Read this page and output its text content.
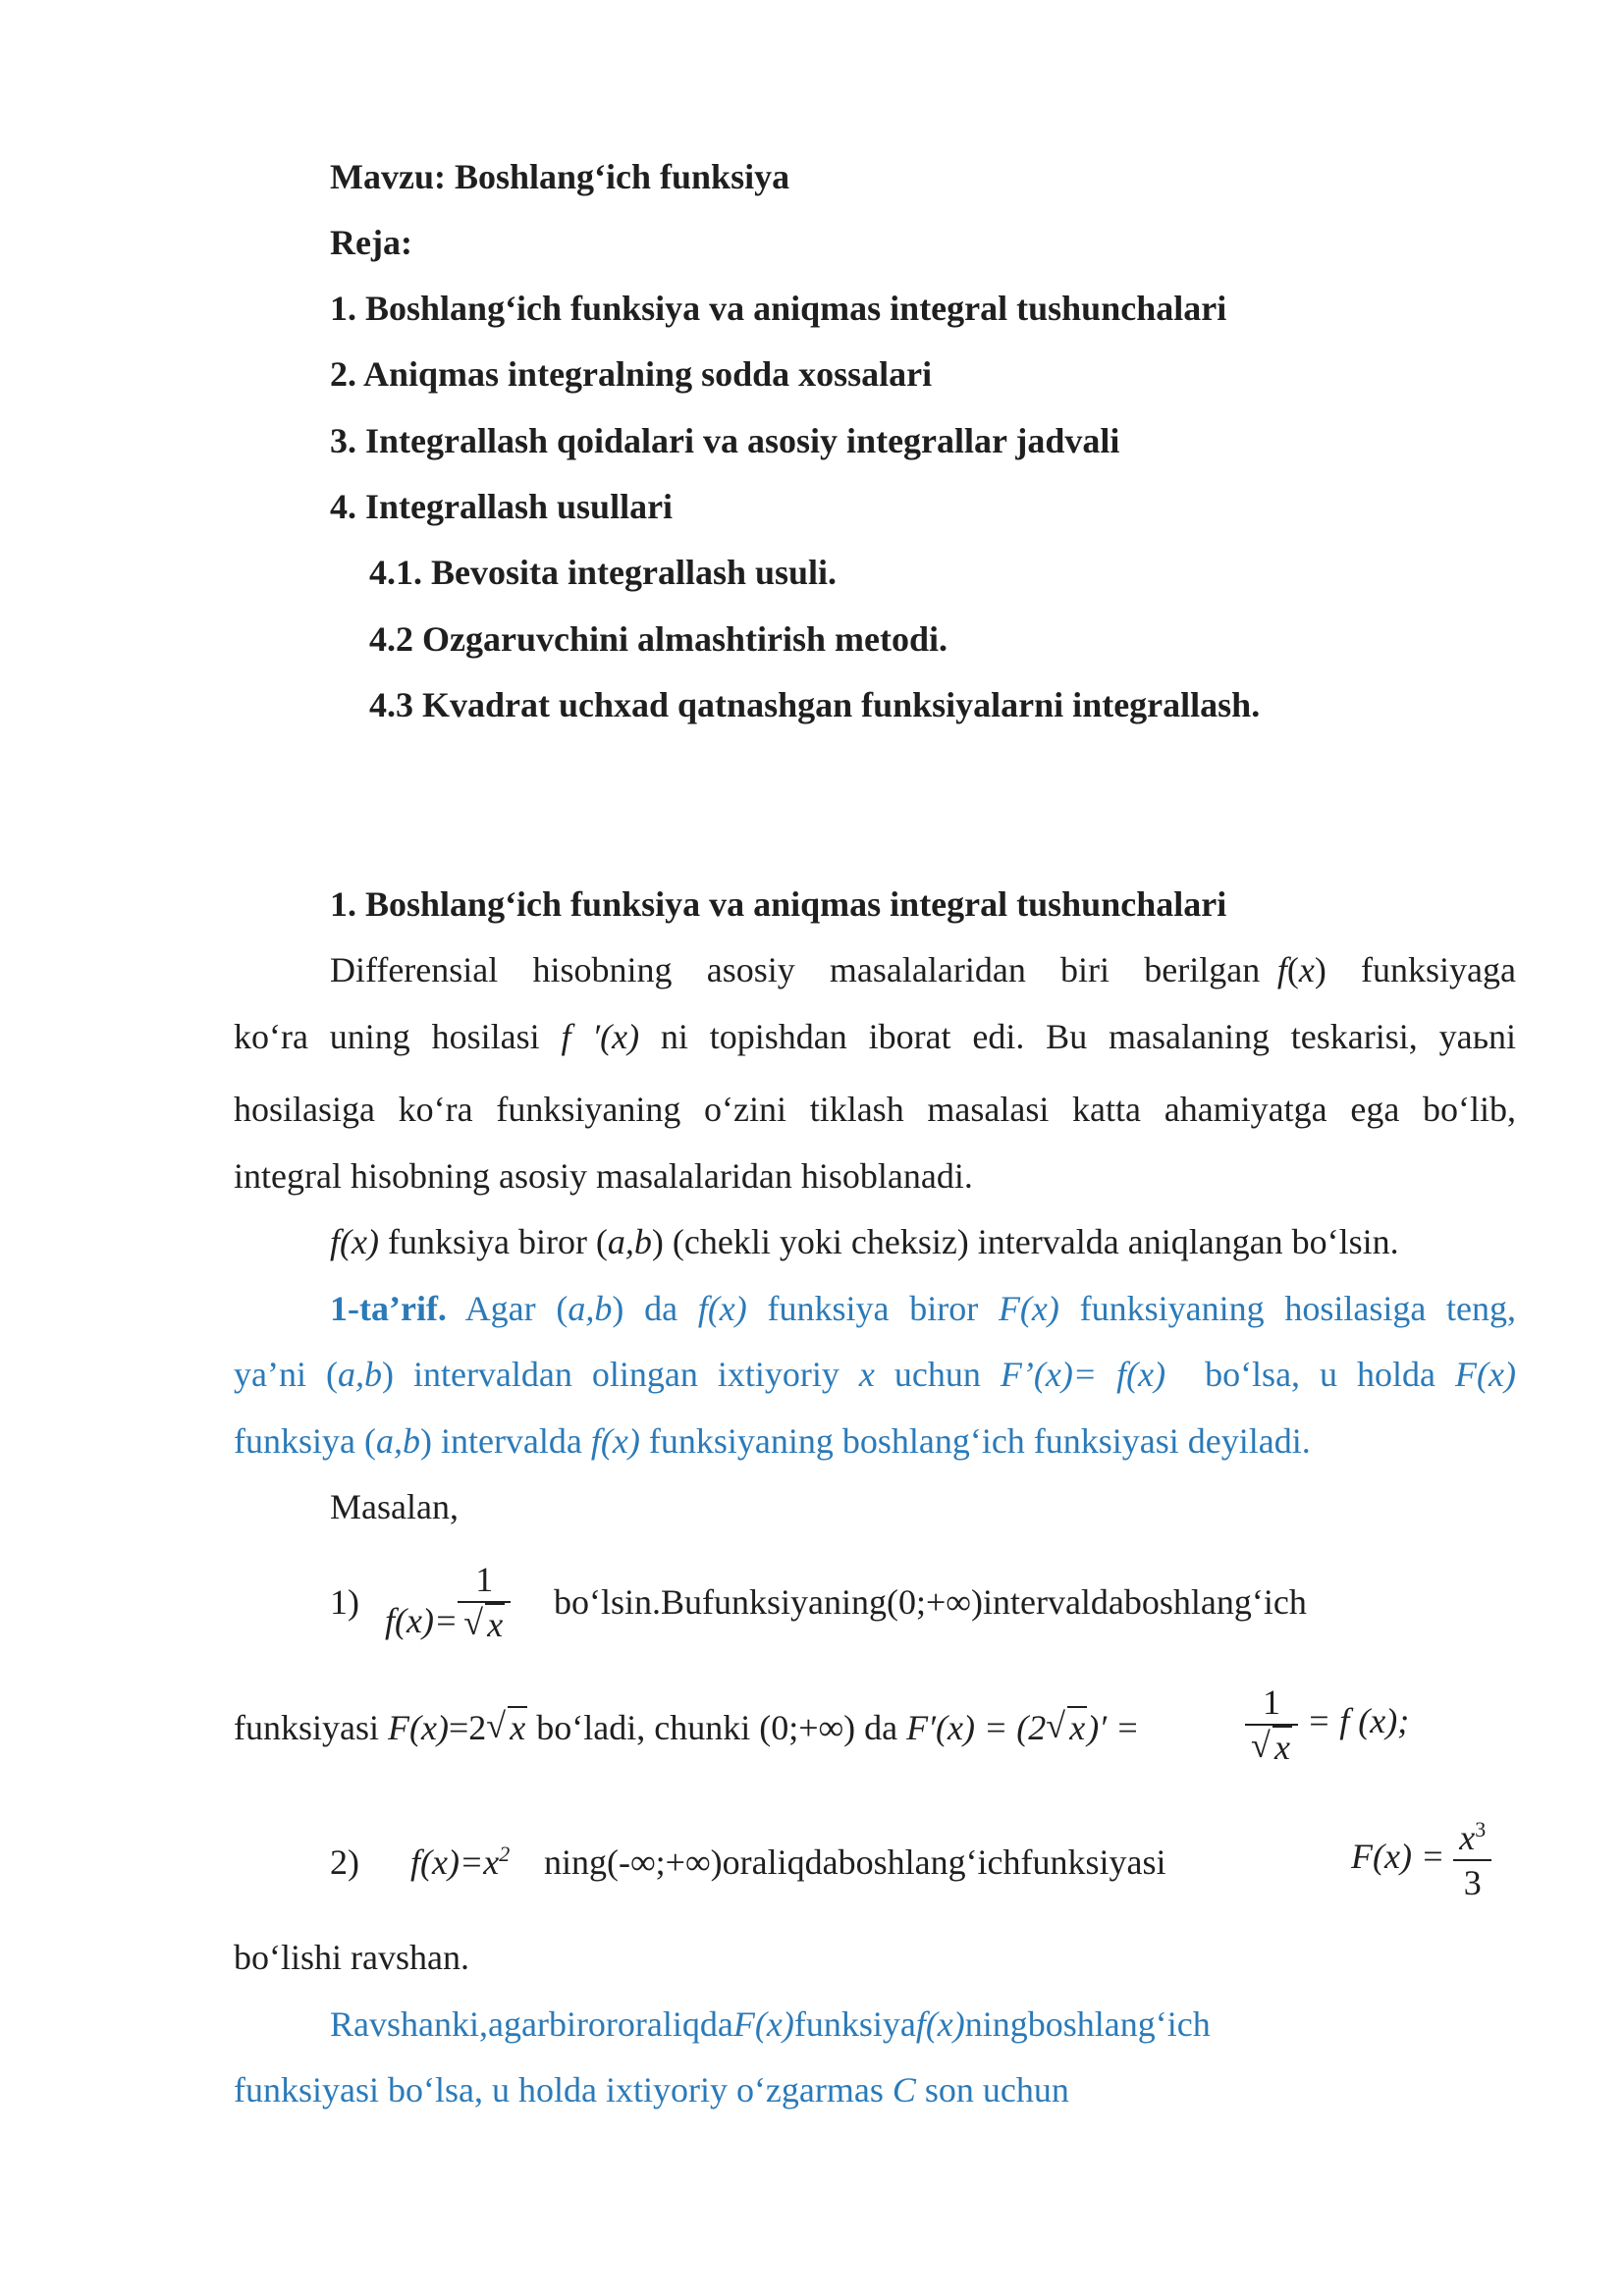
Mavzu: Boshlang‘ich funksiya
Reja:
1. Boshlang‘ich funksiya va aniqmas integral tushunchalari
2. Aniqmas integralning sodda xossalari
3. Integrallash qoidalari va asosiy integrallar jadvali
4. Integrallash usullari
4.1. Bevosita integrallash usuli.
4.2 Ozgaruvchini almashtirish metodi.
4.3 Kvadrat uchxad qatnashgan funksiyalarni integrallash.
1. Boshlang‘ich funksiya va aniqmas integral tushunchalari
Differensial  hisobning  asosiy  masalalaridan  biri  berilgan f(x)  funksiyaga
ko‘ra uning hosilasi f ′(x) ni topishdan iborat edi. Bu masalaning teskarisi, yaьni
hosilasiga ko‘ra funksiyaning o‘zini tiklash masalasi katta ahamiyatga ega bo‘lib,
integral hisobning asosiy masalalaridan hisoblanadi.
f(x) funksiya biror (a,b) (chekli yoki cheksiz) intervalda aniqlangan bo‘lsin.
1-ta’rif. Agar (a,b) da f(x) funksiya biror F(x) funksiyaning hosilasiga teng,
ya’ni (a,b) intervaldan olingan ixtiyoriy x uchun F’(x)= f(x)  bo‘lsa, u holda F(x)
funksiya (a,b) intervalda f(x) funksiyaning boshlang‘ich funksiyasi deyiladi.
Masalan,
1) $f(x)= \frac{1}{√ x}$ bo‘lsin.Bufunksiyaning(0;+∞)intervaldaboshlang‘ich
funksiyasi F(x)=2 √ x bo‘ladi, chunki (0;+∞) da F′(x) = (2 √ x)′ =	$\frac{1}{√ x} = f$ (x);
2) $f(x)=x^2$ ning(-∞;+∞)oraliqdaboshlang‘ichfunksiyasi	$F(x) = \frac{x^3}{3}$
bo‘lishi ravshan.
Ravshanki,agarbirororaliqdaF(x)funksiyaf(x)ningboshlang‘ich
funksiyasi bo‘lsa, u holda ixtiyoriy o‘zgarmas C son uchun
